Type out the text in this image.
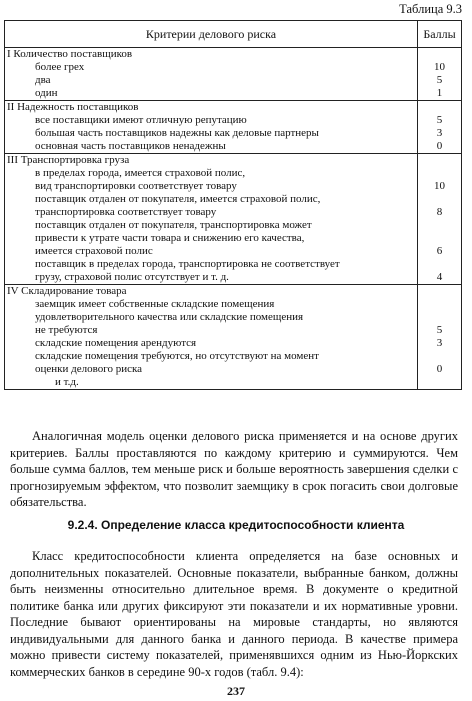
Таблица 9.3
Критерии делового риска	Баллы
I Количество поставщиков	
более грех	10
два	5
один	1
II Надежность поставщиков	
все поставщики имеют отличную репутацию	5
большая часть поставщиков надежны как деловые партнеры	3
основная часть поставщиков ненадежны	0
III Транспортировка груза	
в пределах города, имеется страховой полис,	
вид транспортировки соответствует товару	10
поставщик отдален от покупателя, имеется страховой полис,	
транспортировка соответствует товару	8
поставщик отдален от покупателя, транспортировка может	
привести к утрате части товара и снижению его качества,	
имеется страховой полис	6
поставщик в пределах города, транспортировка не соответствует	
грузу, страховой полис отсутствует и т. д.	4
IV Складирование товара	
заемщик имеет собственные складские помещения	
удовлетворительного качества или складские помещения	
не требуются	5
складские помещения арендуются	3
складские помещения требуются, но отсутствуют на момент	
оценки делового риска	0
и т.д.	

Аналогичная модель оценки делового риска применяется и на основе других критериев. Баллы проставляются по каждому критерию и суммируются. Чем больше сумма баллов, тем меньше риск и больше вероятность завершения сделки с прогнозируемым эффектом, что позволит заемщику в срок погасить свои долговые обязательства.

9.2.4. Определение класса кредитоспособности клиента

Класс кредитоспособности клиента определяется на базе основных и дополнительных показателей. Основные показатели, выбранные банком, должны быть неизменны относительно длительное время. В документе о кредитной политике банка или других фиксируют эти показатели и их нормативные уровни. Последние бывают ориентированы на мировые стандарты, но являются индивидуальными для данного банка и данного периода. В качестве примера можно привести систему показателей, применявшихся одним из Нью-Йоркских коммерческих банков в середине 90-х годов (табл. 9.4):

237
